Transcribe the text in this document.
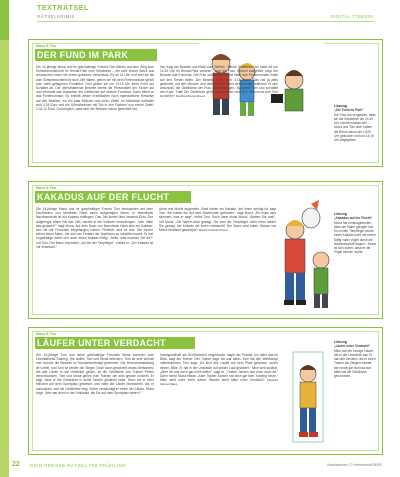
TEXTRÄTSEL
RÄTSELKRIMIS	DIGITAL 776B328
Moss & Ton
DER FUND IM PARK
Die 14-jährige Mona und ihr gleichaltriger Freund Tom fliehen auf dem Weg zum Schwimmunterricht im Herold-Park eine Geldbörse – ein sehr teures Stück aus schwarzem Leder mit einem goldenen Verschluss. Es ist 14 Uhr, und weil sie bis zum Schwimmunterricht noch Zeit haben, gehen sie mit dem Portemonnaie gleich zum nahe gelegenen Fundbüro. Dort geben sie um 14:15 Uhr ihren Fund am Schalter ab. Der diensthabende Beamte nimmt die Personalien der Kinder auf und vermerkt das Aussehen der Geldbörse auf seinem Formular. Dann öffnet er das Portemonnaie. Es enthält weder Kreditkarten noch irgendwelche Hinweise auf den Besitzer, nur ein paar Münzen und einen Zettel. Im Münzfach befinden sich 3,15 Euro und ein Schnäbelchen mit Ton in drei Fächern und einem Zettel: 2,34,12 Euro. Gut möglich, dass sich der Besitzer schon gemeldet hat.
hat, fragt der Beamte und blickt zum Telefon. "Meine Geldbörse! Ich habe sie um 14:30 Uhr im Herold-Park verloren", sagt die Frau. Schnell ausgefüllt, zeigt der Beamte das Formular. Die Frau schaut hinein und lässt den Portemonnaie-Inhalt auf den Tresen fallen. Der Beamte zählt nach: 3,15 Euro, "Das hat ja alles gestimmt, mit den Münzen und dem Zettel", meint der Beamte, während er sich anschickt, die Geldbörse der Frau auszuhändigen. Da grinst Tom und schüttelt den Kopf: "Halt! Die Geldbörse gehört ganz sicher nicht ihr!" Warum ist sich Tom so sicher? Manfred Mertenzhaus
Lösung
„Der Fund im Park“
Die Frau hat vergessen, dass sie die Geldbörse um 14:30 Uhr verloren haben will – Mona und Tom aber haben die Börse schon um 14:00 Uhr gefunden und um 14:15 Uhr abgegeben.
Moss & Ton
KAKADUS AUF DER FLUCHT
Die 14-jährige Mona und ihr gleichaltriger Freund Tom beobachten auf dem Dachboden von Manfreds Haus einen aufgeregten Mann. In Mannfreds Nachbarschaft ist ein Kakadu entflogen. Das Tier kostet über tausend Euro. Der aufgeregte Mann hat das Ziel, nachts in die Volieren einzudringen. „Wer hätte das gedacht?“ fragt Mona. Auf dem Dach von Mannfreds Haus sitzt ein Kakadu, den sie mit Freunden eingefangen haben. Plötzlich wird es laut: Die Kinder sehen einen Mann, der sich am Fenster der Nachbarn zu schaffen macht. Er hat Vogelkäfige dabei und auch einen Kakadu-Käfig. „Hallo, was machen Sie da?“ ruft Tom. Der Mann erschrickt, „Ich bin der Tierpfleger“, erklärt er. „Der Kakadu ist mir entwischt.“
Anna und Moritz angerufen. Zwei haben ein Kakadu, der ihnen wichtig ist, sagt Tom. Wir haben ihn auf dem Dachboden gefunden“, sagt Mona. „Es muss also stimmen, was er sagt“, meint Tom. Doch dann stutzt Mona: „Warten Sie mal!“, ruft Mona, „Sie haben doch gesagt, Sie sind der Tierpfleger. Aber eben haben Sie gesagt, der Kakadu sei Ihnen entwischt!“ Der Mann wird blass. Warum hat Mona Verdacht geschöpft? Manfred Mertenzhaus
Lösung
„Kakadus auf der Flucht“
Mona hat herausgefunden, dass der Mann gelogen hat. Ein echter Tierpfleger würde einen Kakadu nicht mit einem Käfig voller Vögel durch die Nachbarschaft tragen – Mona ist sich sicher, dass er die Vögel stehlen wollte.
Moss & Ton
LÄUFER UNTER VERDACHT
Der 14-jährige Tom und seine gleichaltrige Freundin Mona kommen zum Leichtathletik-Training. Sie wollen Tom und Mona anfeuern. Tom ist sehr schnell und möchte die Bestzeit im Hundertmeterlauf gewinnen. Die Rennveranstaltung ist vorbei, und Tom ist wieder der Sieger. Doch dann geschieht etwas Seltsames: Als alle Läufer in die Umkleide gehen, ist die Geldbörse von Trainer Peters verschwunden. Tom und Mona gehen zum Trainer, der sich gerade umzieht. Er sagt, dass er die Geldbörse in seine Tasche gesteckt habe. Dann sei er zehn Minuten auf dem Sportplatz gewesen und habe die Läufer beobachtet. Als er zurückkam, war die Geldbörse weg. Sofort verdächtigt er einen der Läufer. Mona fragt: „Wer war denn in der Umkleide, als Sie auf dem Sportplatz waren?“
Handyposthaft am Großbahnhof eingedrückt, sagte der Polizist, Ich habe das im Blick, sagt der Trainer. Der Trainer sagt: Ich war allein. Tom hat den Wettkampf mitbekommen. Tom sagt: „Es sind alle Läufer auf dem Platz gewesen, außer einem: Mike. Er hat in der Umkleide auf seinen Lauf gewartet.“ Mike wird knallrot. „Aber ich war doch gar nicht allein!“, sagt er. „Trainer Jansen war doch auch da.“ Dann merkt Mona etwas: „Aber Trainer Jansen hat doch gar kein Training heute.“ Mike weiß nicht mehr weiter. Warum steht Mike unter Verdacht? Manfred Mertenzhaus
Lösung
„Läufer unter Verdacht“
Mike war der einzige Läufer, der in der Umkleide war. Er hat sich verraten, als er einen Trainer als Zeugen nannte, der heute gar nicht da war. Mike hat die Geldbörse genommen.
22 DEIN PRESSE-RÄTSEL 768 FRÜHLING	Illustrationen: © Hermeneut/DERE
